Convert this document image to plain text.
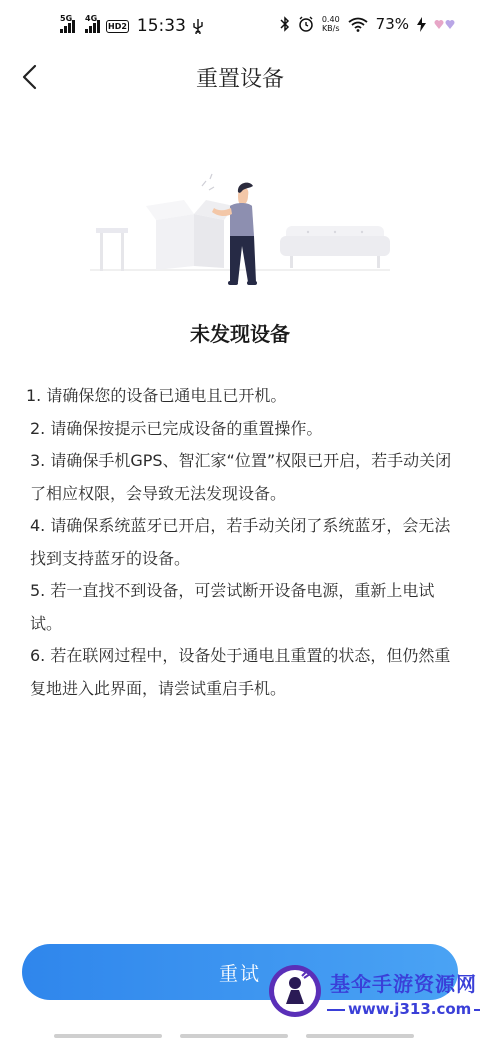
5G 4G
HD2 15:33	0.40
KB/s 73%
重置设备
未发现设备

1. 请确保您的设备已通电且已开机。

2. 请确保按提示已完成设备的重置操作。

3. 请确保手机GPS、智汇家“位置”权限已开启，若手动关闭了相应权限，会导致无法发现设备。

4. 请确保系统蓝牙已开启，若手动关闭了系统蓝牙，会无法找到支持蓝牙的设备。

5. 若一直找不到设备，可尝试断开设备电源，重新上电试试。

6. 若在联网过程中，设备处于通电且重置的状态，但仍然重复地进入此界面，请尝试重启手机。

重试	基伞手游资源网
www.j313.com
